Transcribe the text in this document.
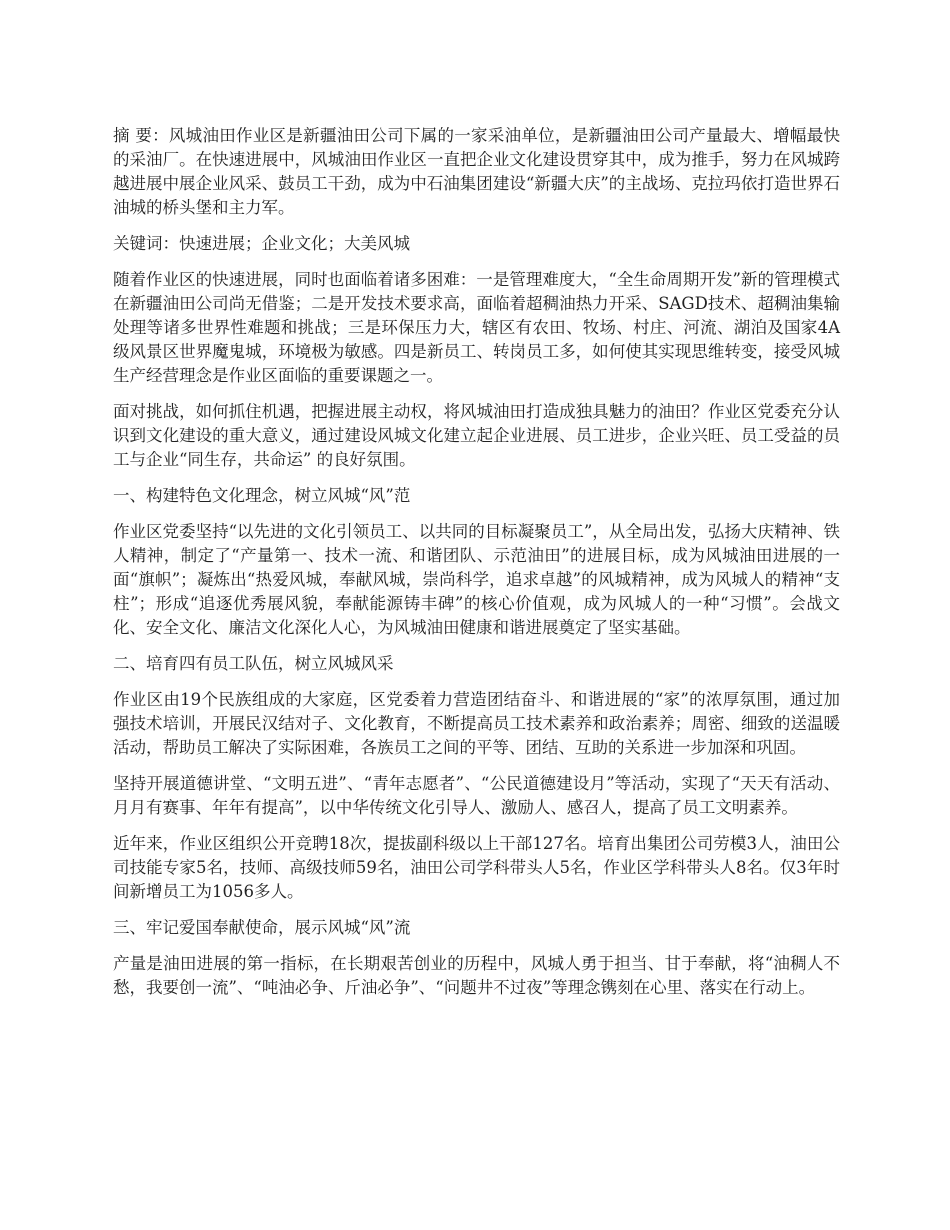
摘 要：风城油田作业区是新疆油田公司下属的一家采油单位，是新疆油田公司产量最大、增幅最快的采油厂。在快速进展中，风城油田作业区一直把企业文化建设贯穿其中，成为推手，努力在风城跨越进展中展企业风采、鼓员工干劲，成为中石油集团建设“新疆大庆”的主战场、克拉玛依打造世界石油城的桥头堡和主力军。

关键词：快速进展；企业文化；大美风城

随着作业区的快速进展，同时也面临着诸多困难：一是管理难度大，“全生命周期开发”新的管理模式在新疆油田公司尚无借鉴；二是开发技术要求高，面临着超稠油热力开采、SAGD技术、超稠油集输处理等诸多世界性难题和挑战；三是环保压力大，辖区有农田、牧场、村庄、河流、湖泊及国家4A级风景区世界魔鬼城，环境极为敏感。四是新员工、转岗员工多，如何使其实现思维转变，接受风城生产经营理念是作业区面临的重要课题之一。

面对挑战，如何抓住机遇，把握进展主动权，将风城油田打造成独具魅力的油田？作业区党委充分认识到文化建设的重大意义，通过建设风城文化建立起企业进展、员工进步，企业兴旺、员工受益的员工与企业“同生存，共命运” 的良好氛围。

一、构建特色文化理念，树立风城“风”范

作业区党委坚持“以先进的文化引领员工、以共同的目标凝聚员工”，从全局出发，弘扬大庆精神、铁人精神，制定了“产量第一、技术一流、和谐团队、示范油田”的进展目标，成为风城油田进展的一面“旗帜”；凝炼出“热爱风城，奉献风城，崇尚科学，追求卓越”的风城精神，成为风城人的精神“支柱”；形成“追逐优秀展风貌，奉献能源铸丰碑”的核心价值观，成为风城人的一种“习惯”。会战文化、安全文化、廉洁文化深化人心，为风城油田健康和谐进展奠定了坚实基础。

二、培育四有员工队伍，树立风城风采

作业区由19个民族组成的大家庭，区党委着力营造团结奋斗、和谐进展的“家”的浓厚氛围，通过加强技术培训，开展民汉结对子、文化教育，不断提高员工技术素养和政治素养；周密、细致的送温暖活动，帮助员工解决了实际困难，各族员工之间的平等、团结、互助的关系进一步加深和巩固。

坚持开展道德讲堂、“文明五进”、“青年志愿者”、“公民道德建设月”等活动，实现了“天天有活动、月月有赛事、年年有提高”，以中华传统文化引导人、激励人、感召人，提高了员工文明素养。

近年来，作业区组织公开竞聘18次，提拔副科级以上干部127名。培育出集团公司劳模3人，油田公司技能专家5名，技师、高级技师59名，油田公司学科带头人5名，作业区学科带头人8名。仅3年时间新增员工为1056多人。

三、牢记爱国奉献使命，展示风城“风”流

产量是油田进展的第一指标，在长期艰苦创业的历程中，风城人勇于担当、甘于奉献，将“油稠人不愁，我要创一流”、“吨油必争、斤油必争”、“问题井不过夜”等理念镌刻在心里、落实在行动上。
